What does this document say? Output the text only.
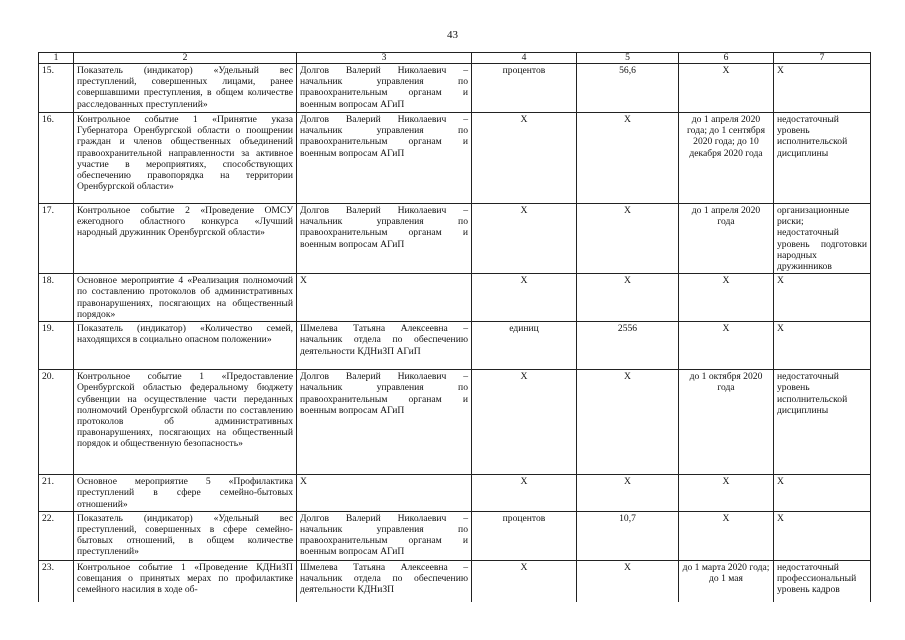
43
1	2	3	4	5	6	7
15.	Показатель (индикатор) «Удельный вес преступлений, совершенных лицами, ранее совершавшими преступления, в общем количестве расследованных преступлений»	Долгов Валерий Николаевич – начальник управления по правоохранительным органам и военным вопросам АГиП	процентов	56,6	Х	Х
16.	Контрольное событие 1 «Принятие указа Губернатора Оренбургской области о поощрении граждан и членов общественных объединений правоохранительной направленности за активное участие в мероприятиях, способствующих обеспечению правопорядка на территории Оренбургской области»	Долгов Валерий Николаевич – начальник управления по правоохранительным органам и военным вопросам АГиП	Х	Х	до 1 апреля 2020 года; до 1 сентября 2020 года; до 10 декабря 2020 года	недостаточный уровень исполнительской дисциплины
17.	Контрольное событие 2 «Проведение ОМСУ ежегодного областного конкурса «Лучший народный дружинник Оренбургской области»	Долгов Валерий Николаевич – начальник управления по правоохранительным органам и военным вопросам АГиП	Х	Х	до 1 апреля 2020 года	организационные риски; недостаточный уровень подготовки народных дружинников
18.	Основное мероприятие 4 «Реализация полномочий по составлению протоколов об административных правонарушениях, посягающих на общественный порядок»	Х	Х	Х	Х	Х
19.	Показатель (индикатор) «Количество семей, находящихся в социально опасном положении»	Шмелева Татьяна Алексеевна – начальник отдела по обеспечению деятельности КДНиЗП АГиП	единиц	2556	Х	Х
20.	Контрольное событие 1 «Предоставление Оренбургской областью федеральному бюджету субвенции на осуществление части переданных полномочий Оренбургской области по составлению протоколов об административных правонарушениях, посягающих на общественный порядок и общественную безопасность»	Долгов Валерий Николаевич – начальник управления по правоохранительным органам и военным вопросам АГиП	Х	Х	до 1 октября 2020 года	недостаточный уровень исполнительской дисциплины
21.	Основное мероприятие 5 «Профилактика преступлений в сфере семейно-бытовых отношений»	Х	Х	Х	Х	Х
22.	Показатель (индикатор) «Удельный вес преступлений, совершенных в сфере семейно-бытовых отношений, в общем количестве преступлений»	Долгов Валерий Николаевич – начальник управления по правоохранительным органам и военным вопросам АГиП	процентов	10,7	Х	Х
23.	Контрольное событие 1 «Проведение КДНиЗП совещания о принятых мерах по профилактике семейного насилия в ходе об-	Шмелева Татьяна Алексеевна – начальник отдела по обеспечению деятельности КДНиЗП	Х	Х	до 1 марта 2020 года; до 1 мая	недостаточный профессиональный уровень кадров
